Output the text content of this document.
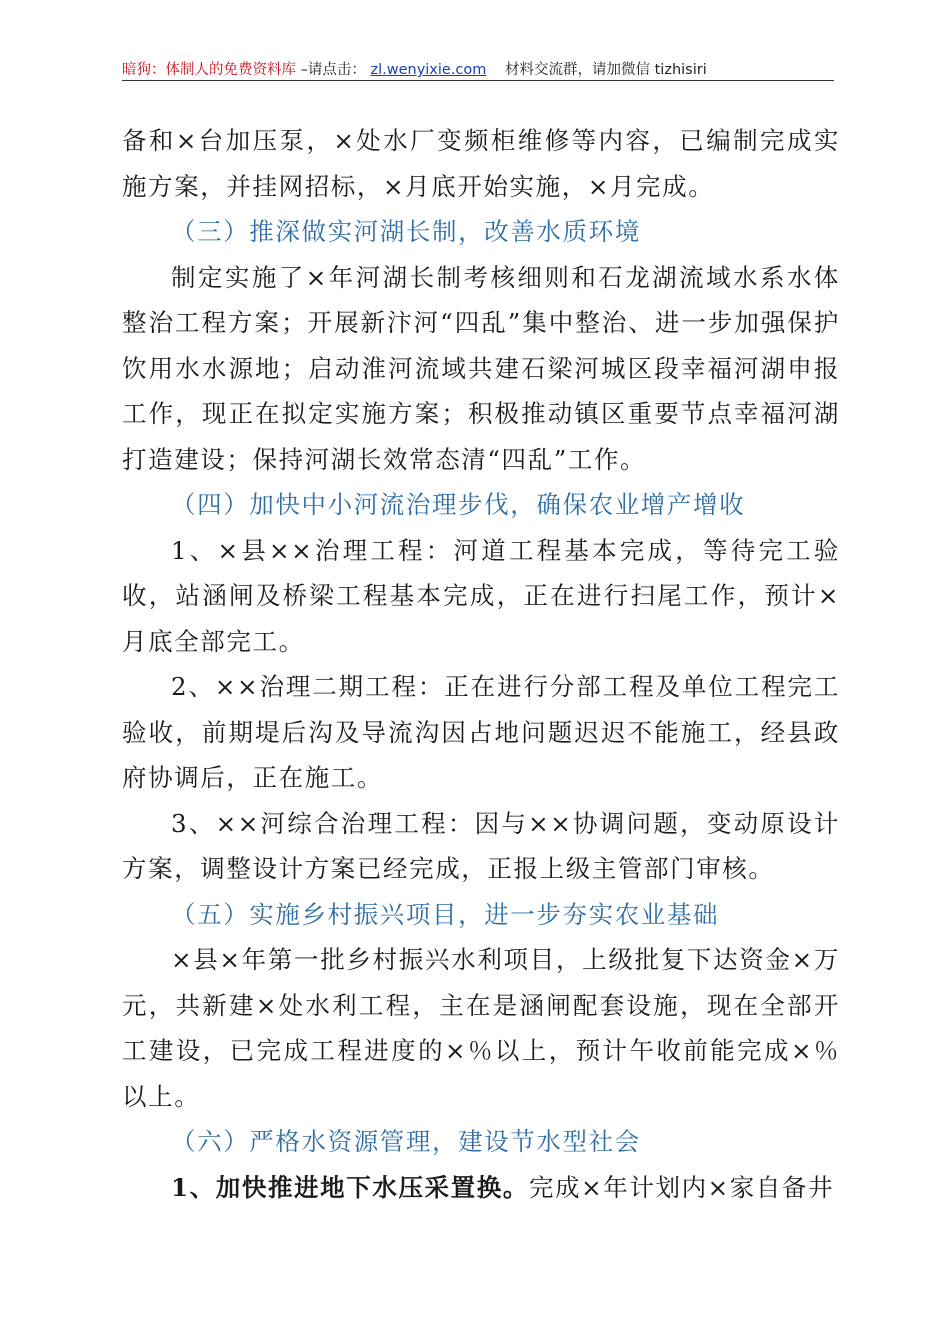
暗狗：体制人的免费资料库 –请点击： zl.wenyixie.com 材料交流群，请加微信 tizhisiri

备和×台加压泵，×处水厂变频柜维修等内容，已编制完成实施方案，并挂网招标，×月底开始实施，×月完成。

（三）推深做实河湖长制，改善水质环境

制定实施了×年河湖长制考核细则和石龙湖流域水系水体整治工程方案；开展新汴河“四乱”集中整治、进一步加强保护饮用水水源地；启动淮河流域共建石梁河城区段幸福河湖申报工作，现正在拟定实施方案；积极推动镇区重要节点幸福河湖打造建设；保持河湖长效常态清“四乱”工作。

（四）加快中小河流治理步伐，确保农业增产增收

1、×县××治理工程：河道工程基本完成，等待完工验收，站涵闸及桥梁工程基本完成，正在进行扫尾工作，预计×月底全部完工。

2、××治理二期工程：正在进行分部工程及单位工程完工验收，前期堤后沟及导流沟因占地问题迟迟不能施工，经县政府协调后，正在施工。

3、××河综合治理工程：因与××协调问题，变动原设计方案，调整设计方案已经完成，正报上级主管部门审核。

（五）实施乡村振兴项目，进一步夯实农业基础

×县×年第一批乡村振兴水利项目，上级批复下达资金×万元，共新建×处水利工程，主在是涵闸配套设施，现在全部开工建设，已完成工程进度的×％以上，预计午收前能完成×％以上。

（六）严格水资源管理，建设节水型社会

1、加快推进地下水压采置换。完成×年计划内×家自备井
